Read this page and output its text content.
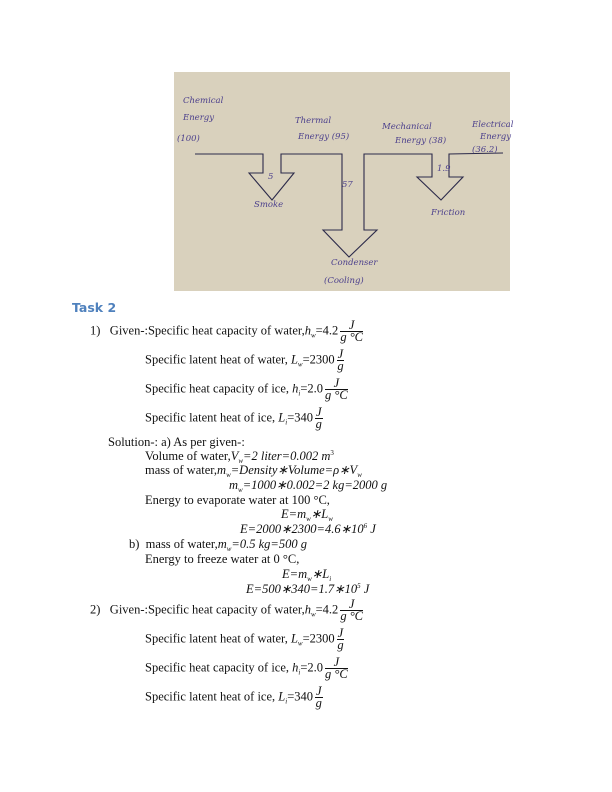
Chemical
Energy
(100)
Thermal
Energy (95)
Mechanical
Energy (38)
Electrical
Energy
(36.2)
5
Smoke
57
Condenser
(Cooling)
1.9
Friction
Task 2
1) Given-:Specific heat capacity of $water,h_w=4.2 \frac{J}{g ^\circ C}$
Specific latent heat of water, $L_w=2300 \frac{J}{g}$
Specific heat capacity of ice, $h_i=2.0 \frac{J}{g ^\circ C}$
Specific latent heat of ice, $L_i=340 \frac{J}{g}$
Solution-: a) As per given-:
Volume of $water,V_w=2$ liter=0.002 $m^3$
mass of $water,m_w=Density∗Volume=\rho∗V_w$
$m_w=1000∗0.002=2$ kg=2000 g
Energy to evaporate water at 100 °C,
$E=m_w∗L_w$
$E=2000∗2300=4.6∗10^6$ J
b) mass of $water,m_w=0.5$ kg=500 g
Energy to freeze water at 0 °C,
$E=m_w∗L_i$
$E=500∗340=1.7∗10^5$ J
2) Given-:Specific heat capacity of $water,h_w=4.2 \frac{J}{g ^\circ C}$
Specific latent heat of water, $L_w=2300 \frac{J}{g}$
Specific heat capacity of ice, $h_i=2.0 \frac{J}{g ^\circ C}$
Specific latent heat of ice, $L_i=340 \frac{J}{g}$
